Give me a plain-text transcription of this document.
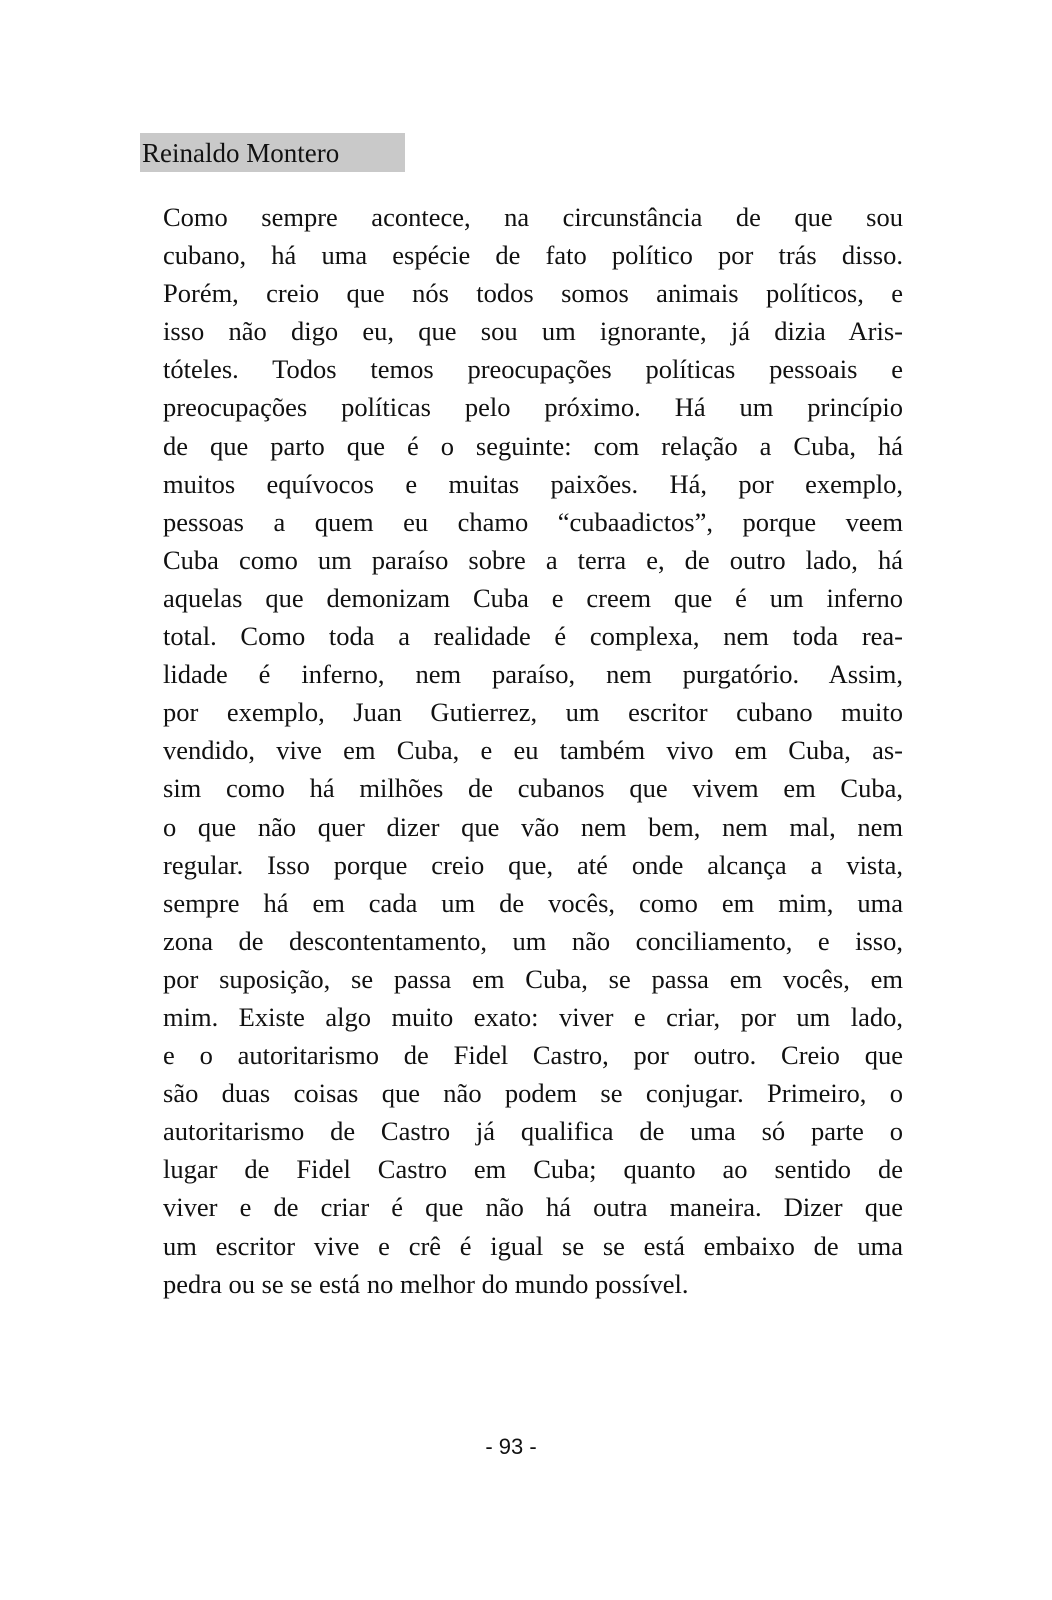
Reinaldo Montero
Como sempre acontece, na circunstância de que sou
cubano, há uma espécie de fato político por trás disso.
Porém, creio que nós todos somos animais políticos, e
isso não digo eu, que sou um ignorante, já dizia Aris-
tóteles. Todos temos preocupações políticas pessoais e
preocupações políticas pelo próximo. Há um princípio
de que parto que é o seguinte: com relação a Cuba, há
muitos equívocos e muitas paixões. Há, por exemplo,
pessoas a quem eu chamo “cubaadictos”, porque veem
Cuba como um paraíso sobre a terra e, de outro lado, há
aquelas que demonizam Cuba e creem que é um inferno
total. Como toda a realidade é complexa, nem toda rea-
lidade é inferno, nem paraíso, nem purgatório. Assim,
por exemplo, Juan Gutierrez, um escritor cubano muito
vendido, vive em Cuba, e eu também vivo em Cuba, as-
sim como há milhões de cubanos que vivem em Cuba,
o que não quer dizer que vão nem bem, nem mal, nem
regular. Isso porque creio que, até onde alcança a vista,
sempre há em cada um de vocês, como em mim, uma
zona de descontentamento, um não conciliamento, e isso,
por suposição, se passa em Cuba, se passa em vocês, em
mim. Existe algo muito exato: viver e criar, por um lado,
e o autoritarismo de Fidel Castro, por outro. Creio que
são duas coisas que não podem se conjugar. Primeiro, o
autoritarismo de Castro já qualifica de uma só parte o
lugar de Fidel Castro em Cuba; quanto ao sentido de
viver e de criar é que não há outra maneira. Dizer que
um escritor vive e crê é igual se se está embaixo de uma
pedra ou se se está no melhor do mundo possível.
- 93 -
